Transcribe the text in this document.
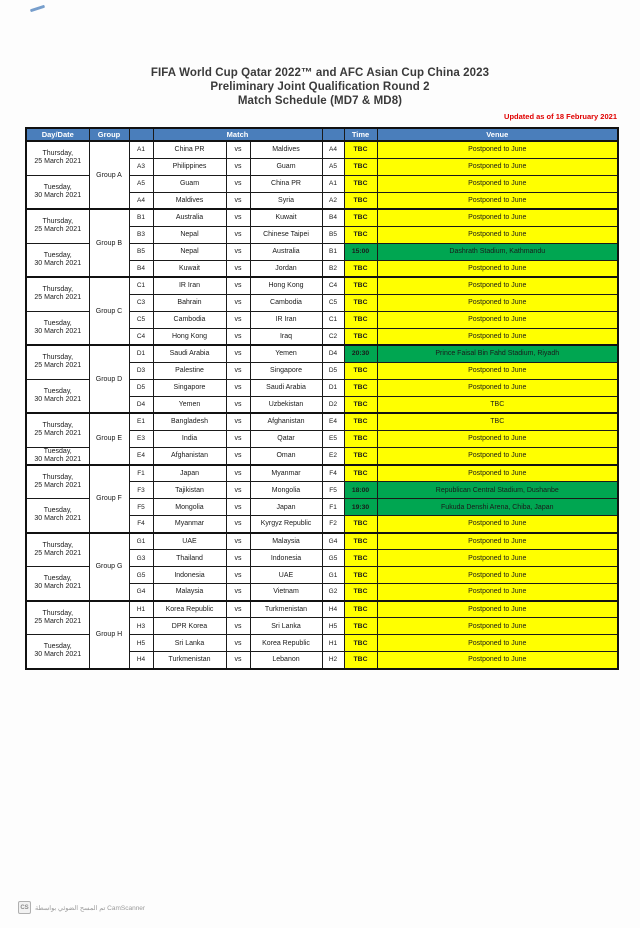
FIFA World Cup Qatar 2022™ and AFC Asian Cup China 2023
Preliminary Joint Qualification Round 2
Match Schedule (MD7 & MD8)
Updated as of 18 February 2021
Day/Date	Group		Match				Time	Venue

Thursday,
25 March 2021	Group A	A1	China PR	vs	Maldives	A4	TBC	Postponed to June
		A3	Philippines	vs	Guam	A5	TBC	Postponed to June

Tuesday,
30 March 2021		A5	Guam	vs	China PR	A1	TBC	Postponed to June
		A4	Maldives	vs	Syria	A2	TBC	Postponed to June

Thursday,
25 March 2021	Group B	B1	Australia	vs	Kuwait	B4	TBC	Postponed to June
		B3	Nepal	vs	Chinese Taipei	B5	TBC	Postponed to June

Tuesday,
30 March 2021		B5	Nepal	vs	Australia	B1	15:00	Dashrath Stadium, Kathmandu
		B4	Kuwait	vs	Jordan	B2	TBC	Postponed to June

Thursday,
25 March 2021	Group C	C1	IR Iran	vs	Hong Kong	C4	TBC	Postponed to June
		C3	Bahrain	vs	Cambodia	C5	TBC	Postponed to June

Tuesday,
30 March 2021		C5	Cambodia	vs	IR Iran	C1	TBC	Postponed to June
		C4	Hong Kong	vs	Iraq	C2	TBC	Postponed to June

Thursday,
25 March 2021	Group D	D1	Saudi Arabia	vs	Yemen	D4	20:30	Prince Faisal Bin Fahd Stadium, Riyadh
		D3	Palestine	vs	Singapore	D5	TBC	Postponed to June

Tuesday,
30 March 2021		D5	Singapore	vs	Saudi Arabia	D1	TBC	Postponed to June
		D4	Yemen	vs	Uzbekistan	D2	TBC	TBC

Thursday,
25 March 2021	Group E	E1	Bangladesh	vs	Afghanistan	E4	TBC	TBC
		E3	India	vs	Qatar	E5	TBC	Postponed to June

Tuesday,
30 March 2021		E4	Afghanistan	vs	Oman	E2	TBC	Postponed to June

Thursday,
25 March 2021	Group F	F1	Japan	vs	Myanmar	F4	TBC	Postponed to June
		F3	Tajikistan	vs	Mongolia	F5	18:00	Republican Central Stadium, Dushanbe

Tuesday,
30 March 2021		F5	Mongolia	vs	Japan	F1	19:30	Fukuda Denshi Arena, Chiba, Japan
		F4	Myanmar	vs	Kyrgyz Republic	F2	TBC	Postponed to June

Thursday,
25 March 2021	Group G	G1	UAE	vs	Malaysia	G4	TBC	Postponed to June
		G3	Thailand	vs	Indonesia	G5	TBC	Postponed to June

Tuesday,
30 March 2021		G5	Indonesia	vs	UAE	G1	TBC	Postponed to June
		G4	Malaysia	vs	Vietnam	G2	TBC	Postponed to June

Thursday,
25 March 2021	Group H	H1	Korea Republic	vs	Turkmenistan	H4	TBC	Postponed to June
		H3	DPR Korea	vs	Sri Lanka	H5	TBC	Postponed to June

Tuesday,
30 March 2021		H5	Sri Lanka	vs	Korea Republic	H1	TBC	Postponed to June
		H4	Turkmenistan	vs	Lebanon	H2	TBC	Postponed to June
CS تم المسح الضوئي بواسطة CamScanner
